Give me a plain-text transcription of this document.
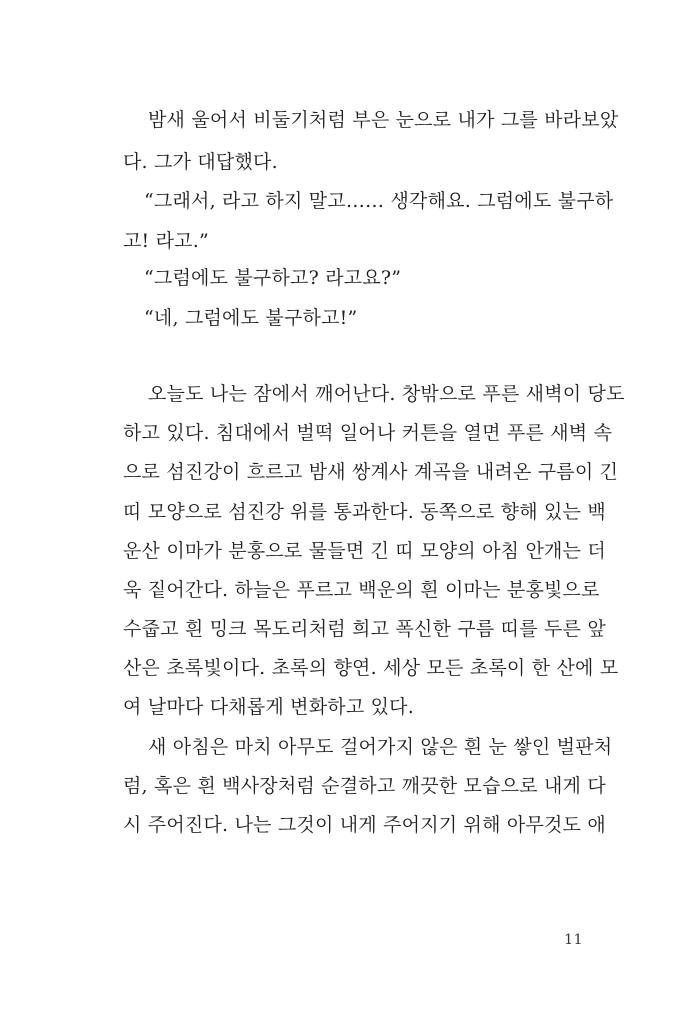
밤새 울어서 비둘기처럼 부은 눈으로 내가 그를 바라보았
다. 그가 대답했다.
“그래서, 라고 하지 말고…… 생각해요. 그럼에도 불구하
고! 라고.”
“그럼에도 불구하고? 라고요?”
“네, 그럼에도 불구하고!”
오늘도 나는 잠에서 깨어난다. 창밖으로 푸른 새벽이 당도
하고 있다. 침대에서 벌떡 일어나 커튼을 열면 푸른 새벽 속
으로 섬진강이 흐르고 밤새 쌍계사 계곡을 내려온 구름이 긴
띠 모양으로 섬진강 위를 통과한다. 동쪽으로 향해 있는 백
운산 이마가 분홍으로 물들면 긴 띠 모양의 아침 안개는 더
욱 짙어간다. 하늘은 푸르고 백운의 흰 이마는 분홍빛으로
수줍고 흰 밍크 목도리처럼 희고 폭신한 구름 띠를 두른 앞
산은 초록빛이다. 초록의 향연. 세상 모든 초록이 한 산에 모
여 날마다 다채롭게 변화하고 있다.
새 아침은 마치 아무도 걸어가지 않은 흰 눈 쌓인 벌판처
럼, 혹은 흰 백사장처럼 순결하고 깨끗한 모습으로 내게 다
시 주어진다. 나는 그것이 내게 주어지기 위해 아무것도 애
11
